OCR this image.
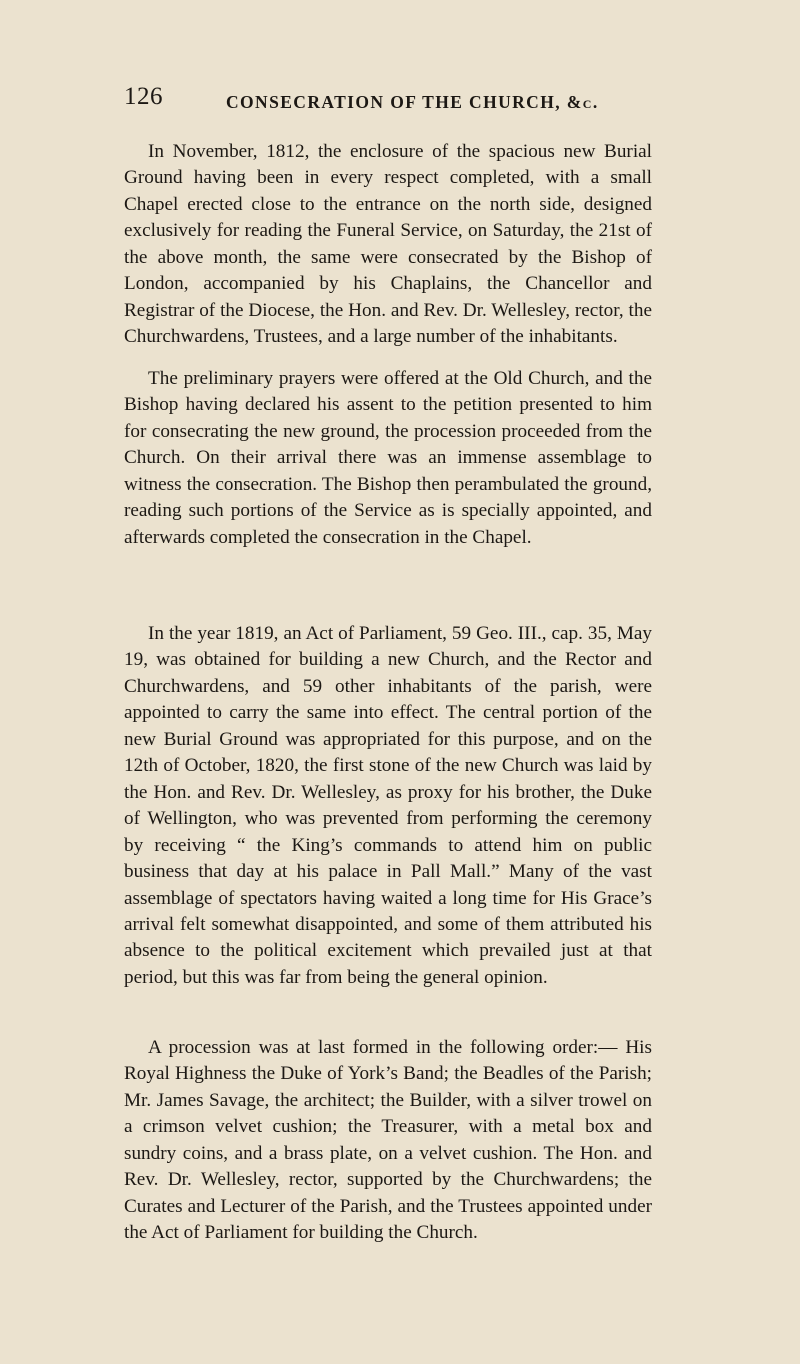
126	CONSECRATION OF THE CHURCH, &c.

In November, 1812, the enclosure of the spacious new Burial Ground having been in every respect completed, with a small Chapel erected close to the entrance on the north side, designed exclusively for reading the Funeral Service, on Saturday, the 21st of the above month, the same were consecrated by the Bishop of London, accompanied by his Chaplains, the Chancellor and Registrar of the Diocese, the Hon. and Rev. Dr. Wellesley, rector, the Churchwardens, Trustees, and a large number of the inhabitants.

The preliminary prayers were offered at the Old Church, and the Bishop having declared his assent to the petition presented to him for consecrating the new ground, the procession proceeded from the Church. On their arrival there was an immense assemblage to witness the consecration. The Bishop then perambulated the ground, reading such portions of the Service as is specially appointed, and afterwards completed the consecration in the Chapel.

In the year 1819, an Act of Parliament, 59 Geo. III., cap. 35, May 19, was obtained for building a new Church, and the Rector and Churchwardens, and 59 other inhabitants of the parish, were appointed to carry the same into effect. The central portion of the new Burial Ground was appropriated for this purpose, and on the 12th of October, 1820, the first stone of the new Church was laid by the Hon. and Rev. Dr. Wellesley, as proxy for his brother, the Duke of Wellington, who was prevented from performing the ceremony by receiving “ the King’s commands to attend him on public business that day at his palace in Pall Mall.” Many of the vast assemblage of spectators having waited a long time for His Grace’s arrival felt somewhat disappointed, and some of them attributed his absence to the political excitement which prevailed just at that period, but this was far from being the general opinion.

A procession was at last formed in the following order:— His Royal Highness the Duke of York’s Band; the Beadles of the Parish; Mr. James Savage, the architect; the Builder, with a silver trowel on a crimson velvet cushion; the Treasurer, with a metal box and sundry coins, and a brass plate, on a velvet cushion. The Hon. and Rev. Dr. Wellesley, rector, supported by the Churchwardens; the Curates and Lecturer of the Parish, and the Trustees appointed under the Act of Parliament for building the Church.
